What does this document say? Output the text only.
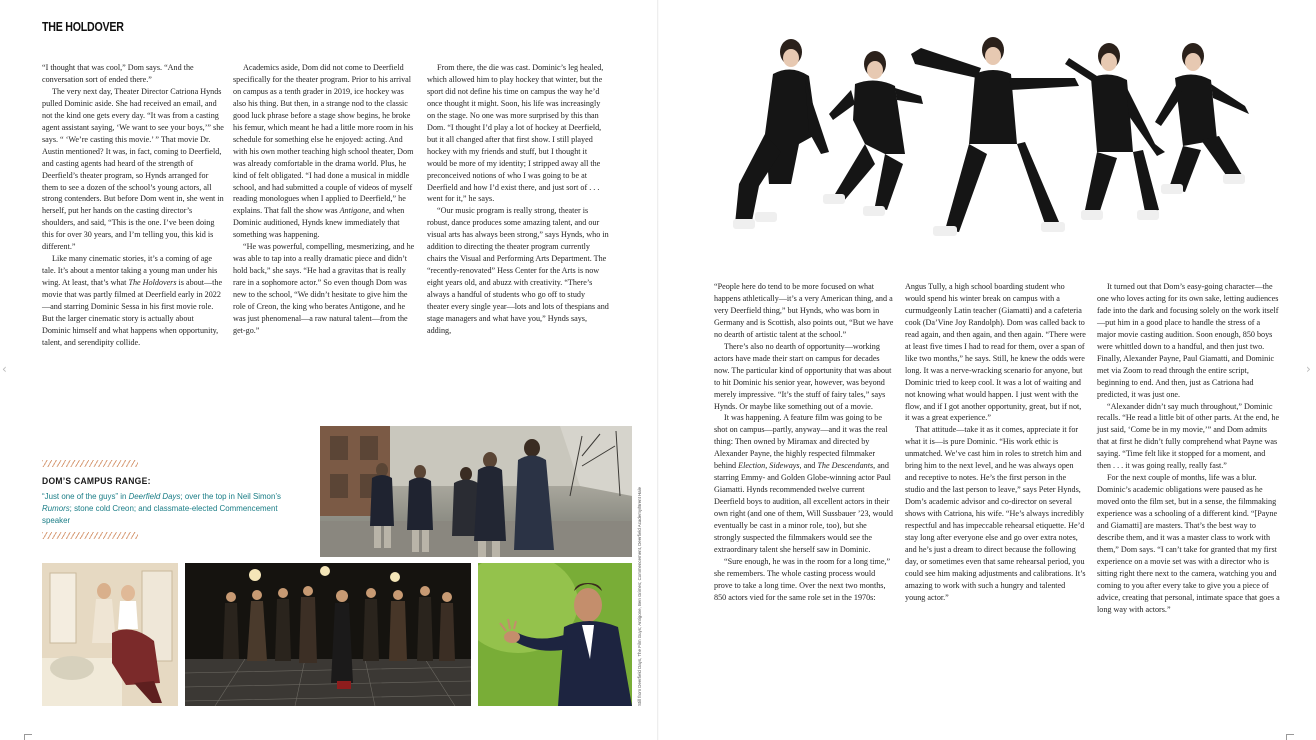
THE HOLDOVER

“I thought that was cool,” Dom says. “And the conversation sort of ended there.”

The very next day, Theater Director Catriona Hynds pulled Dominic aside. She had received an email, and not the kind one gets every day. “It was from a casting agent assistant saying, ‘We want to see your boys,’” she says. “ ‘We’re casting this movie.’ ” That movie Dr. Austin mentioned? It was, in fact, coming to Deerfield, and casting agents had heard of the strength of Deerfield’s theater program, so Hynds arranged for them to see a dozen of the school’s young actors, all strong contenders. But before Dom went in, she went in herself, put her hands on the casting director’s shoulders, and said, “This is the one. I’ve been doing this for over 30 years, and I’m telling you, this kid is different.”

Like many cinematic stories, it’s a coming of age tale. It’s about a mentor taking a young man under his wing. At least, that’s what The Holdovers is about—the movie that was partly filmed at Deerfield early in 2022—and starring Dominic Sessa in his first movie role. But the larger cinematic story is actually about Dominic himself and what happens when opportunity, talent, and serendipity collide.

Academics aside, Dom did not come to Deerfield specifically for the theater program. Prior to his arrival on campus as a tenth grader in 2019, ice hockey was also his thing. But then, in a strange nod to the classic good luck phrase before a stage show begins, he broke his femur, which meant he had a little more room in his schedule for something else he enjoyed: acting. And with his own mother teaching high school theater, Dom was already comfortable in the drama world. Plus, he kind of felt obligated. “I had done a musical in middle school, and had submitted a couple of videos of myself reading monologues when I applied to Deerfield,” he explains. That fall the show was Antigone, and when Dominic auditioned, Hynds knew immediately that something was happening.

“He was powerful, compelling, mesmerizing, and he was able to tap into a really dramatic piece and didn’t hold back,” she says. “He had a gravitas that is really rare in a sophomore actor.” So even though Dom was new to the school, “We didn’t hesitate to give him the role of Creon, the king who berates Antigone, and he was just phenomenal—a raw natural talent—from the get-go.”

From there, the die was cast. Dominic’s leg healed, which allowed him to play hockey that winter, but the sport did not define his time on campus the way he’d once thought it might. Soon, his life was increasingly on the stage. No one was more surprised by this than Dom. “I thought I’d play a lot of hockey at Deerfield, but it all changed after that first show. I still played hockey with my friends and stuff, but I thought it would be more of my identity; I stripped away all the preconceived notions of who I was going to be at Deerfield and how I’d exist there, and just sort of . . . went for it,” he says.

“Our music program is really strong, theater is robust, dance produces some amazing talent, and our visual arts has always been strong,” says Hynds, who in addition to directing the theater program currently chairs the Visual and Performing Arts Department. The “recently-renovated” Hess Center for the Arts is now eight years old, and abuzz with creativity. “There’s always a handful of students who go off to study theater every single year—lots and lots of thespians and stage managers and what have you,” Hynds says, adding,

DOM’S CAMPUS RANGE:
“Just one of the guys” in Deerfield Days; over the top in Neil Simon’s Rumors; stone cold Creon; and classmate-elected Commencement speaker	Still from Deerfield Days, The Film Guys; Antigone, Ben Grimes; Commencement, Deerfield Academy/Brent Hale
‹

“People here do tend to be more focused on what happens athletically—it’s a very American thing, and a very Deerfield thing,” but Hynds, who was born in Germany and is Scottish, also points out, “But we have no dearth of artistic talent at the school.”

There’s also no dearth of opportunity—working actors have made their start on campus for decades now. The particular kind of opportunity that was about to hit Dominic his senior year, however, was beyond merely impressive. “It’s the stuff of fairy tales,” says Hynds. Or maybe like something out of a movie.

It was happening. A feature film was going to be shot on campus—partly, anyway—and it was the real thing: Then owned by Miramax and directed by Alexander Payne, the highly respected filmmaker behind Election, Sideways, and The Descendants, and starring Emmy- and Golden Globe-winning actor Paul Giamatti. Hynds recommended twelve current Deerfield boys to audition, all excellent actors in their own right (and one of them, Will Sussbauer ’23, would eventually be cast in a minor role, too), but she strongly suspected the filmmakers would see the extraordinary talent she herself saw in Dominic.

“Sure enough, he was in the room for a long time,” she remembers. The whole casting process would prove to take a long time. Over the next two months, 850 actors vied for the same role set in the 1970s:

Angus Tully, a high school boarding student who would spend his winter break on campus with a curmudgeonly Latin teacher (Giamatti) and a cafeteria cook (Da’Vine Joy Randolph). Dom was called back to read again, and then again, and then again. “There were at least five times I had to read for them, over a span of like two months,” he says. Still, he knew the odds were long. It was a nerve-wracking scenario for anyone, but Dominic tried to keep cool. It was a lot of waiting and not knowing what would happen. I just went with the flow, and if I got another opportunity, great, but if not, it was a great experience.”

That attitude—take it as it comes, appreciate it for what it is—is pure Dominic. “His work ethic is unmatched. We’ve cast him in roles to stretch him and bring him to the next level, and he was always open and receptive to notes. He’s the first person in the studio and the last person to leave,” says Peter Hynds, Dom’s academic advisor and co-director on several shows with Catriona, his wife. “He’s always incredibly respectful and has impeccable rehearsal etiquette. He’d stay long after everyone else and go over extra notes, and he’s just a dream to direct because the following day, or sometimes even that same rehearsal period, you could see him making adjustments and calibrations. It’s amazing to work with such a hungry and talented young actor.”

It turned out that Dom’s easy-going character—the one who loves acting for its own sake, letting audiences fade into the dark and focusing solely on the work itself—put him in a good place to handle the stress of a major movie casting audition. Soon enough, 850 boys were whittled down to a handful, and then just two. Finally, Alexander Payne, Paul Giamatti, and Dominic met via Zoom to read through the entire script, beginning to end. And then, just as Catriona had predicted, it was just one.

“Alexander didn’t say much throughout,” Dominic recalls. “He read a little bit of other parts. At the end, he just said, ‘Come be in my movie,’” and Dom admits that at first he didn’t fully comprehend what Payne was saying. “Time felt like it stopped for a moment, and then . . . it was going really, really fast.”

For the next couple of months, life was a blur. Dominic’s academic obligations were paused as he moved onto the film set, but in a sense, the filmmaking experience was a schooling of a different kind. “[Payne and Giamatti] are masters. That’s the best way to describe them, and it was a master class to work with them,” Dom says. “I can’t take for granted that my first experience on a movie set was with a director who is sitting right there next to the camera, watching you and coming to you after every take to give you a piece of advice, creating that personal, intimate space that goes a long way with actors.”

›
